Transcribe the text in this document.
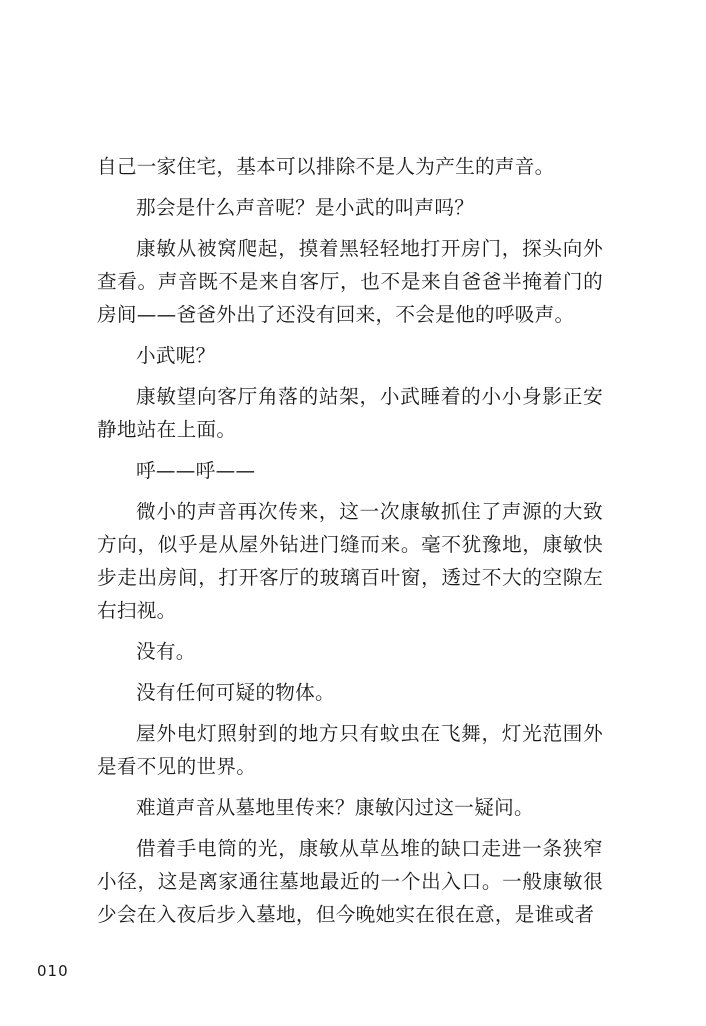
自己一家住宅，基本可以排除不是人为产生的声音。

那会是什么声音呢？是小武的叫声吗？

康敏从被窝爬起，摸着黑轻轻地打开房门，探头向外查看。声音既不是来自客厅，也不是来自爸爸半掩着门的房间——爸爸外出了还没有回来，不会是他的呼吸声。

小武呢？

康敏望向客厅角落的站架，小武睡着的小小身影正安静地站在上面。

呼——呼——

微小的声音再次传来，这一次康敏抓住了声源的大致方向，似乎是从屋外钻进门缝而来。毫不犹豫地，康敏快步走出房间，打开客厅的玻璃百叶窗，透过不大的空隙左右扫视。

没有。

没有任何可疑的物体。

屋外电灯照射到的地方只有蚊虫在飞舞，灯光范围外是看不见的世界。

难道声音从墓地里传来？康敏闪过这一疑问。

借着手电筒的光，康敏从草丛堆的缺口走进一条狭窄小径，这是离家通往墓地最近的一个出入口。一般康敏很少会在入夜后步入墓地，但今晚她实在很在意，是谁或者

010
